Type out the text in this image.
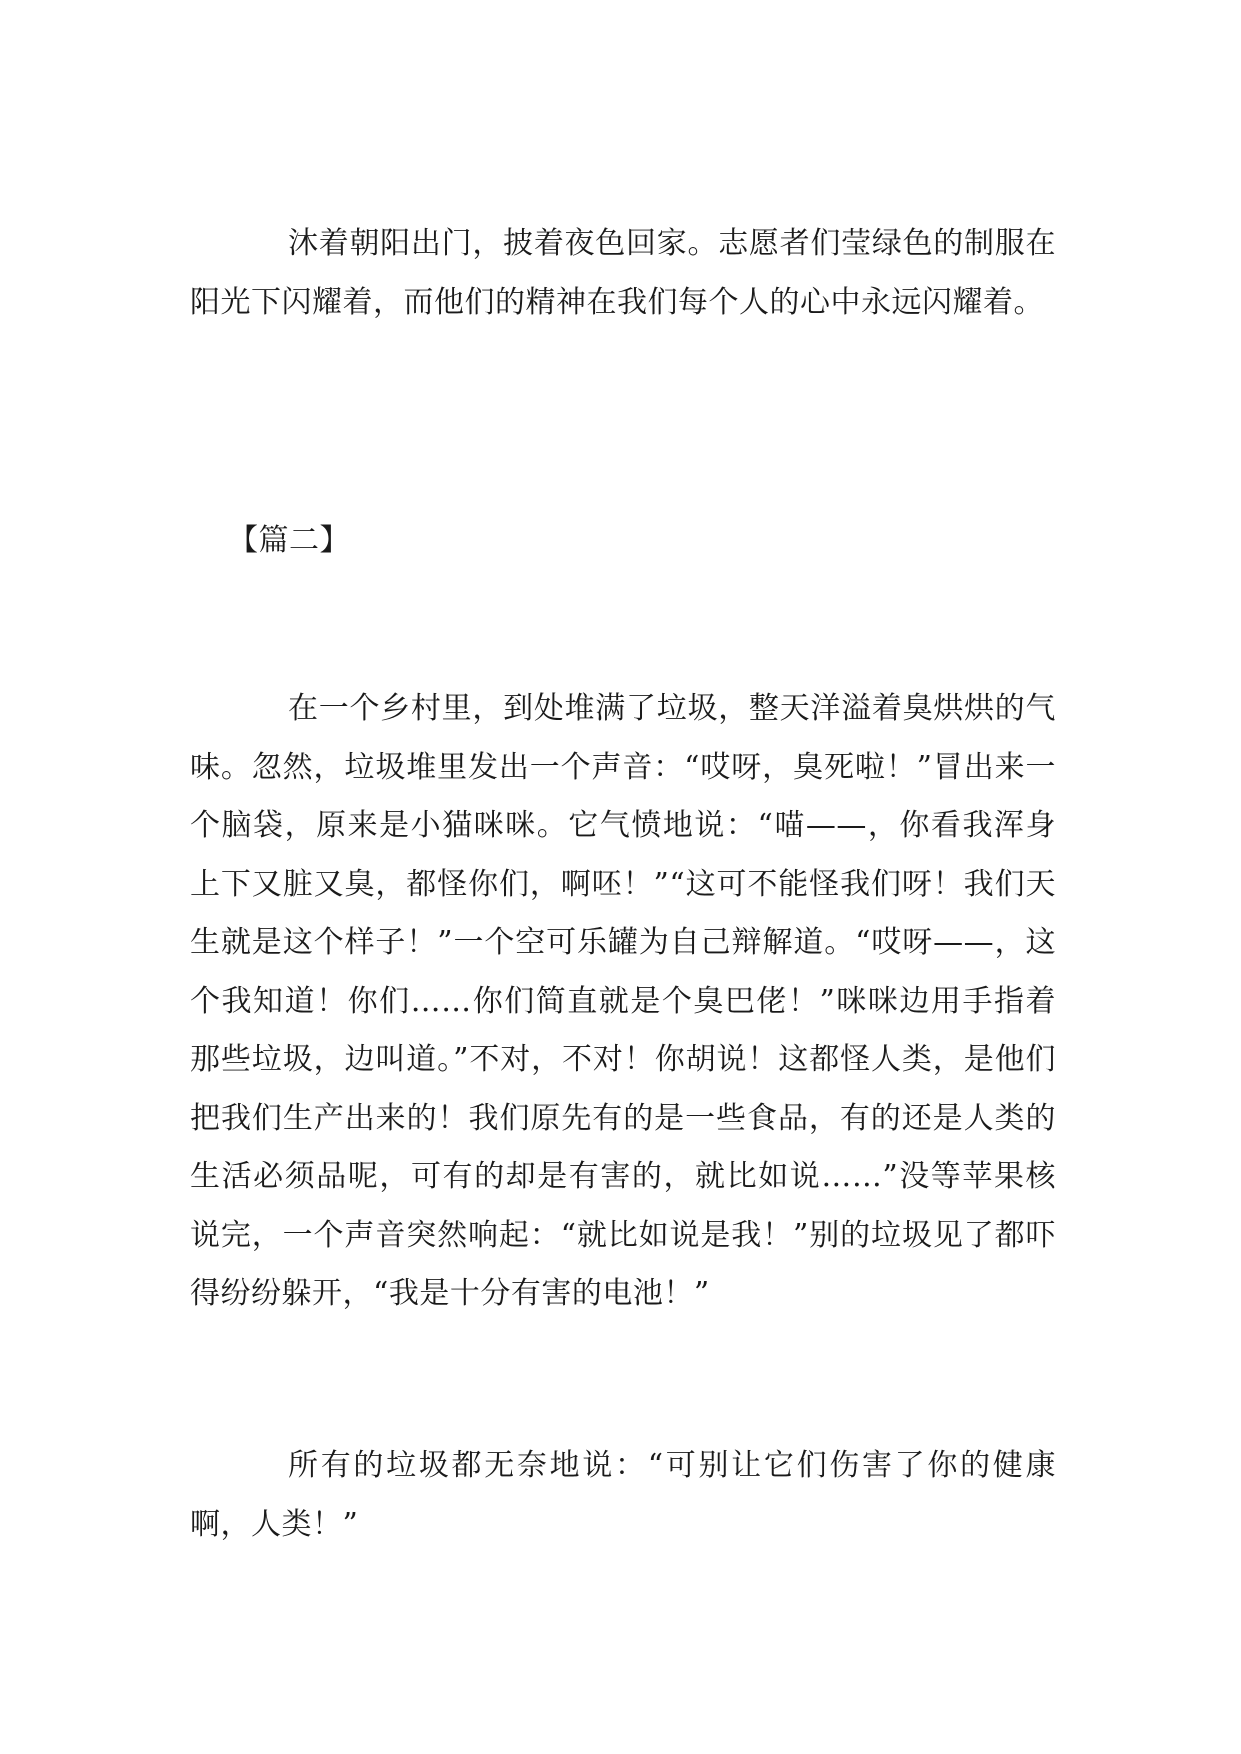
沐着朝阳出门，披着夜色回家。志愿者们莹绿色的制服在阳光下闪耀着，而他们的精神在我们每个人的心中永远闪耀着。

【篇二】

在一个乡村里，到处堆满了垃圾，整天洋溢着臭烘烘的气味。忽然，垃圾堆里发出一个声音：“哎呀，臭死啦！”冒出来一个脑袋，原来是小猫咪咪。它气愤地说：“喵——，你看我浑身上下又脏又臭，都怪你们，啊呸！”“这可不能怪我们呀！我们天生就是这个样子！”一个空可乐罐为自己辩解道。“哎呀——，这个我知道！你们……你们简直就是个臭巴佬！”咪咪边用手指着那些垃圾，边叫道。”不对，不对！你胡说！这都怪人类，是他们把我们生产出来的！我们原先有的是一些食品，有的还是人类的生活必须品呢，可有的却是有害的，就比如说……”没等苹果核说完，一个声音突然响起：“就比如说是我！”别的垃圾见了都吓得纷纷躲开，“我是十分有害的电池！”

所有的垃圾都无奈地说：“可别让它们伤害了你的健康啊，人类！”
